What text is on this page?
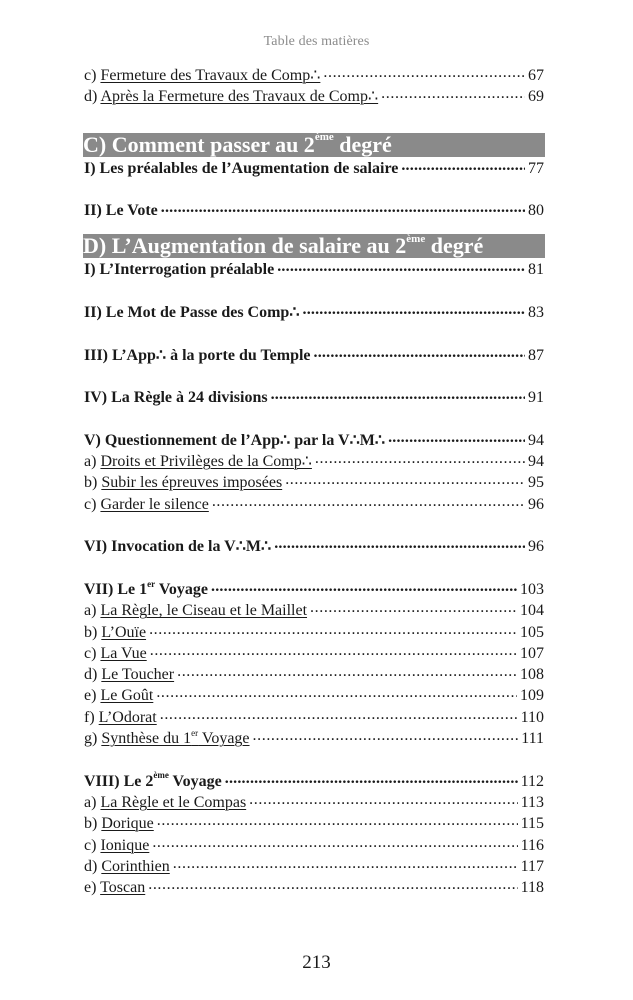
Table des matières
c) Fermeture des Travaux de Comp∴ .....	67
d) Après la Fermeture des Travaux de Comp∴ .....	69
C) Comment passer au 2ème degré
I) Les préalables de l’Augmentation de salaire .....	77
II) Le Vote .....	80
D) L’Augmentation de salaire au 2ème degré
I) L’Interrogation préalable .....	81
II) Le Mot de Passe des Comp∴ .....	83
III) L’App∴ à la porte du Temple .....	87
IV) La Règle à 24 divisions .....	91
V) Questionnement de l’App∴ par la V∴M∴ .....	94
a) Droits et Privilèges de la Comp∴ .....	94
b) Subir les épreuves imposées .....	95
c) Garder le silence .....	96
VI) Invocation de la V∴M∴ .....	96
VII) Le 1er Voyage .....	103
a) La Règle, le Ciseau et le Maillet .....	104
b) L’Ouïe .....	105
c) La Vue .....	107
d) Le Toucher .....	108
e) Le Goût .....	109
f) L’Odorat .....	110
g) Synthèse du 1er Voyage .....	111
VIII) Le 2ème Voyage .....	112
a) La Règle et le Compas .....	113
b) Dorique .....	115
c) Ionique .....	116
d) Corinthien .....	117
e) Toscan .....	118
213
